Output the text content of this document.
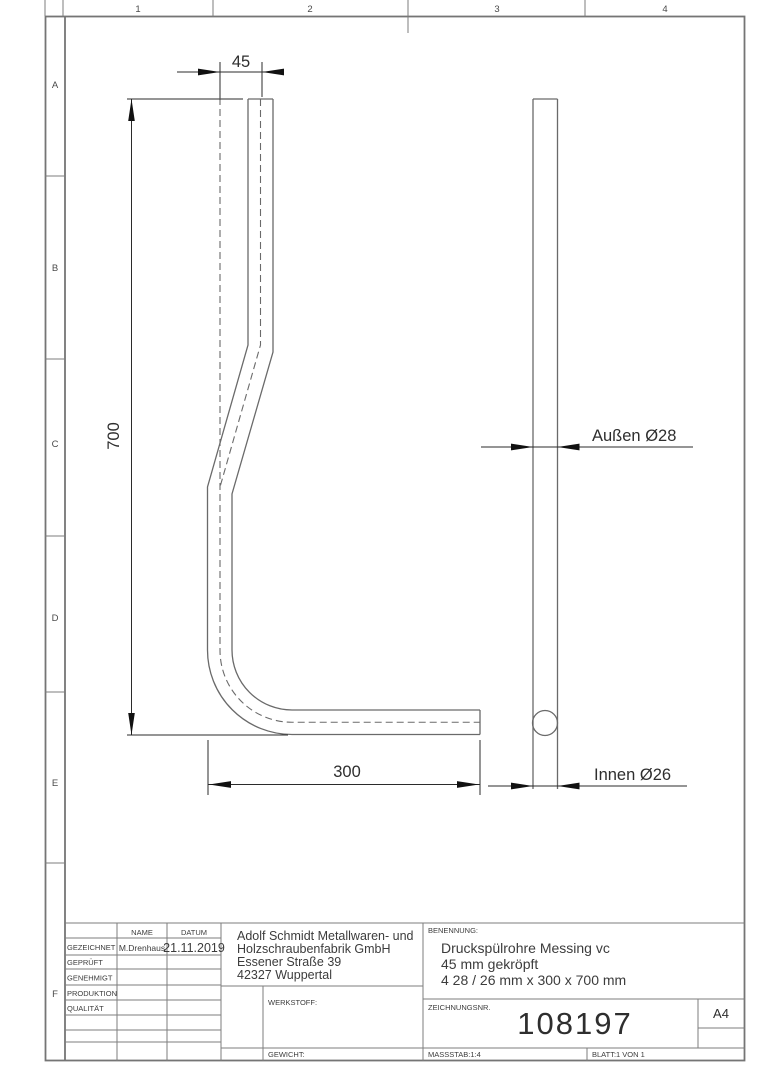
1	2	3	4
A
B
C
D
E
F
45
700
300
Außen Ø28
Innen Ø26
NAME	DATUM
GEZEICHNET M.Drenhaus
21.11.2019
GEPRÜFT
GENEHMIGT
PRODUKTION
QUALITÄT
Adolf Schmidt Metallwaren- und
Holzschraubenfabrik GmbH
Essener Straße 39
42327 Wuppertal
BENENNUNG:
Druckspülrohre Messing vc
45 mm gekröpft
4 28 / 26 mm x 300 x 700 mm
WERKSTOFF:
ZEICHNUNGSNR. 108197	A4
GEWICHT:	MASSSTAB:1:4	BLATT:1 VON 1
